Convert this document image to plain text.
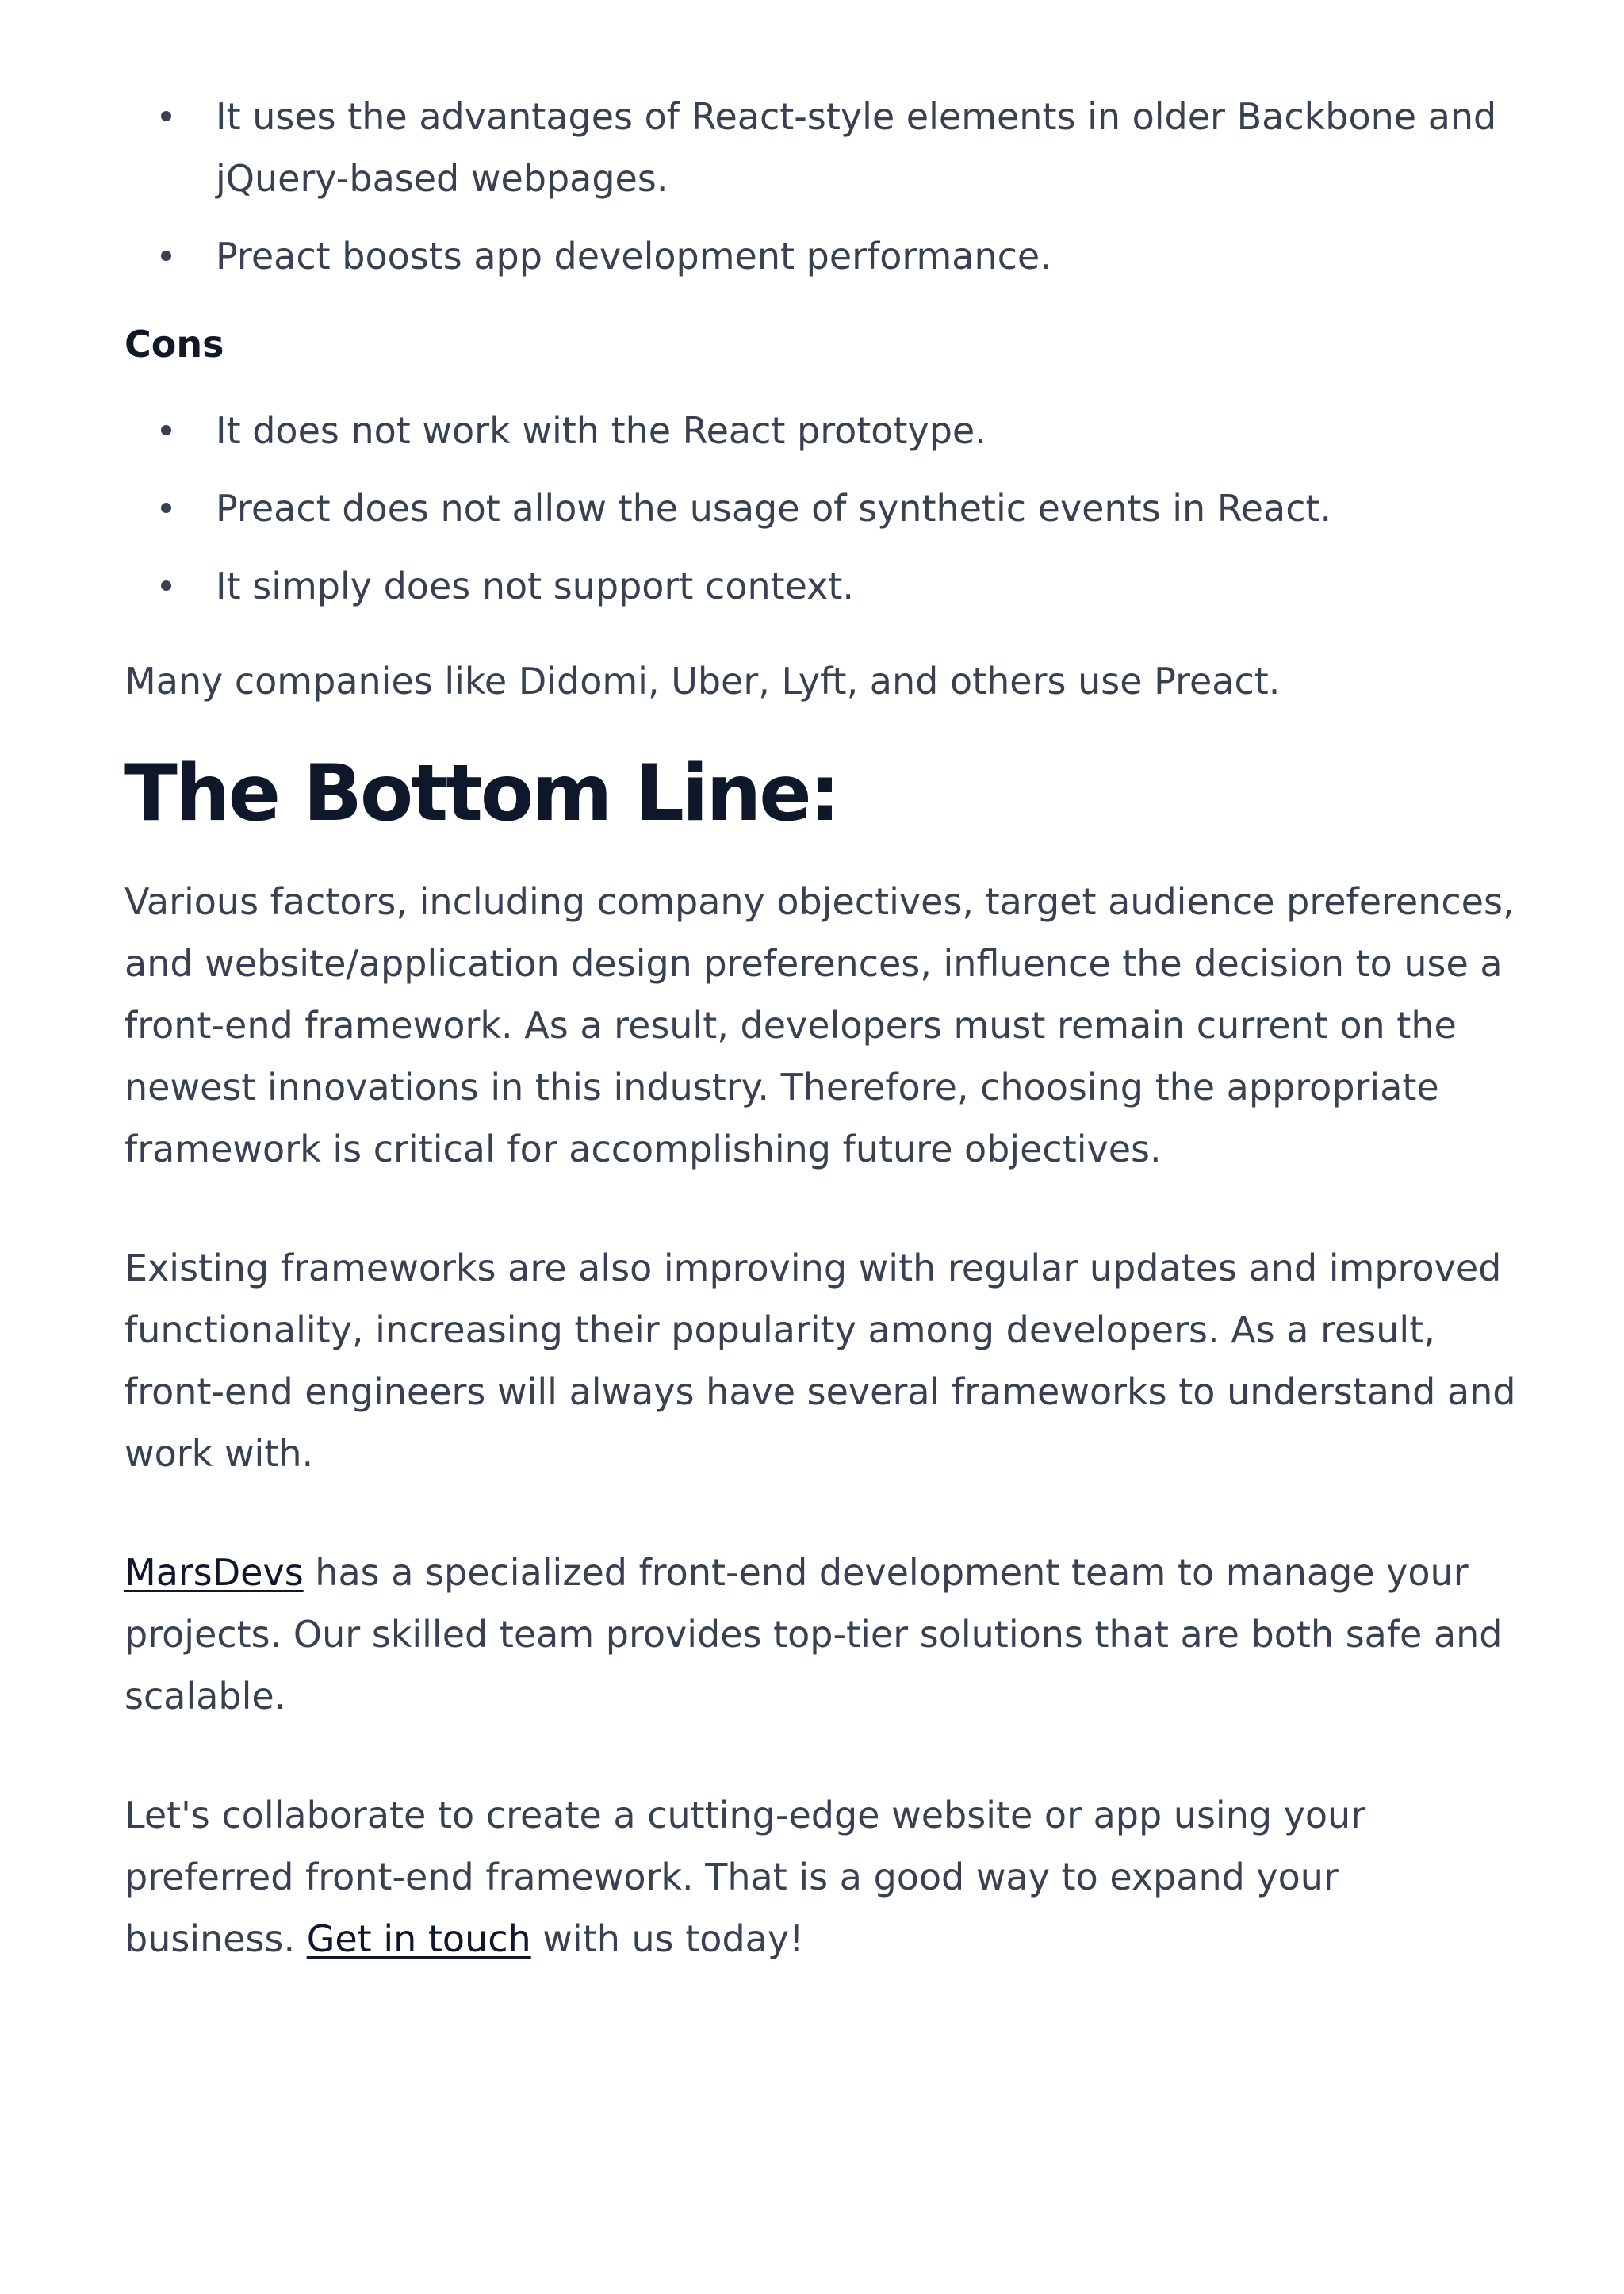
It uses the advantages of React-style elements in older Backbone and jQuery-based webpages.
Preact boosts app development performance.
Cons
It does not work with the React prototype.
Preact does not allow the usage of synthetic events in React.
It simply does not support context.

Many companies like Didomi, Uber, Lyft, and others use Preact.

The Bottom Line:

Various factors, including company objectives, target audience preferences, and website/application design preferences, influence the decision to use a front-end framework. As a result, developers must remain current on the newest innovations in this industry. Therefore, choosing the appropriate framework is critical for accomplishing future objectives.

Existing frameworks are also improving with regular updates and improved functionality, increasing their popularity among developers. As a result, front-end engineers will always have several frameworks to understand and work with.

MarsDevs has a specialized front-end development team to manage your projects. Our skilled team provides top-tier solutions that are both safe and scalable.

Let's collaborate to create a cutting-edge website or app using your preferred front-end framework. That is a good way to expand your business. Get in touch with us today!
